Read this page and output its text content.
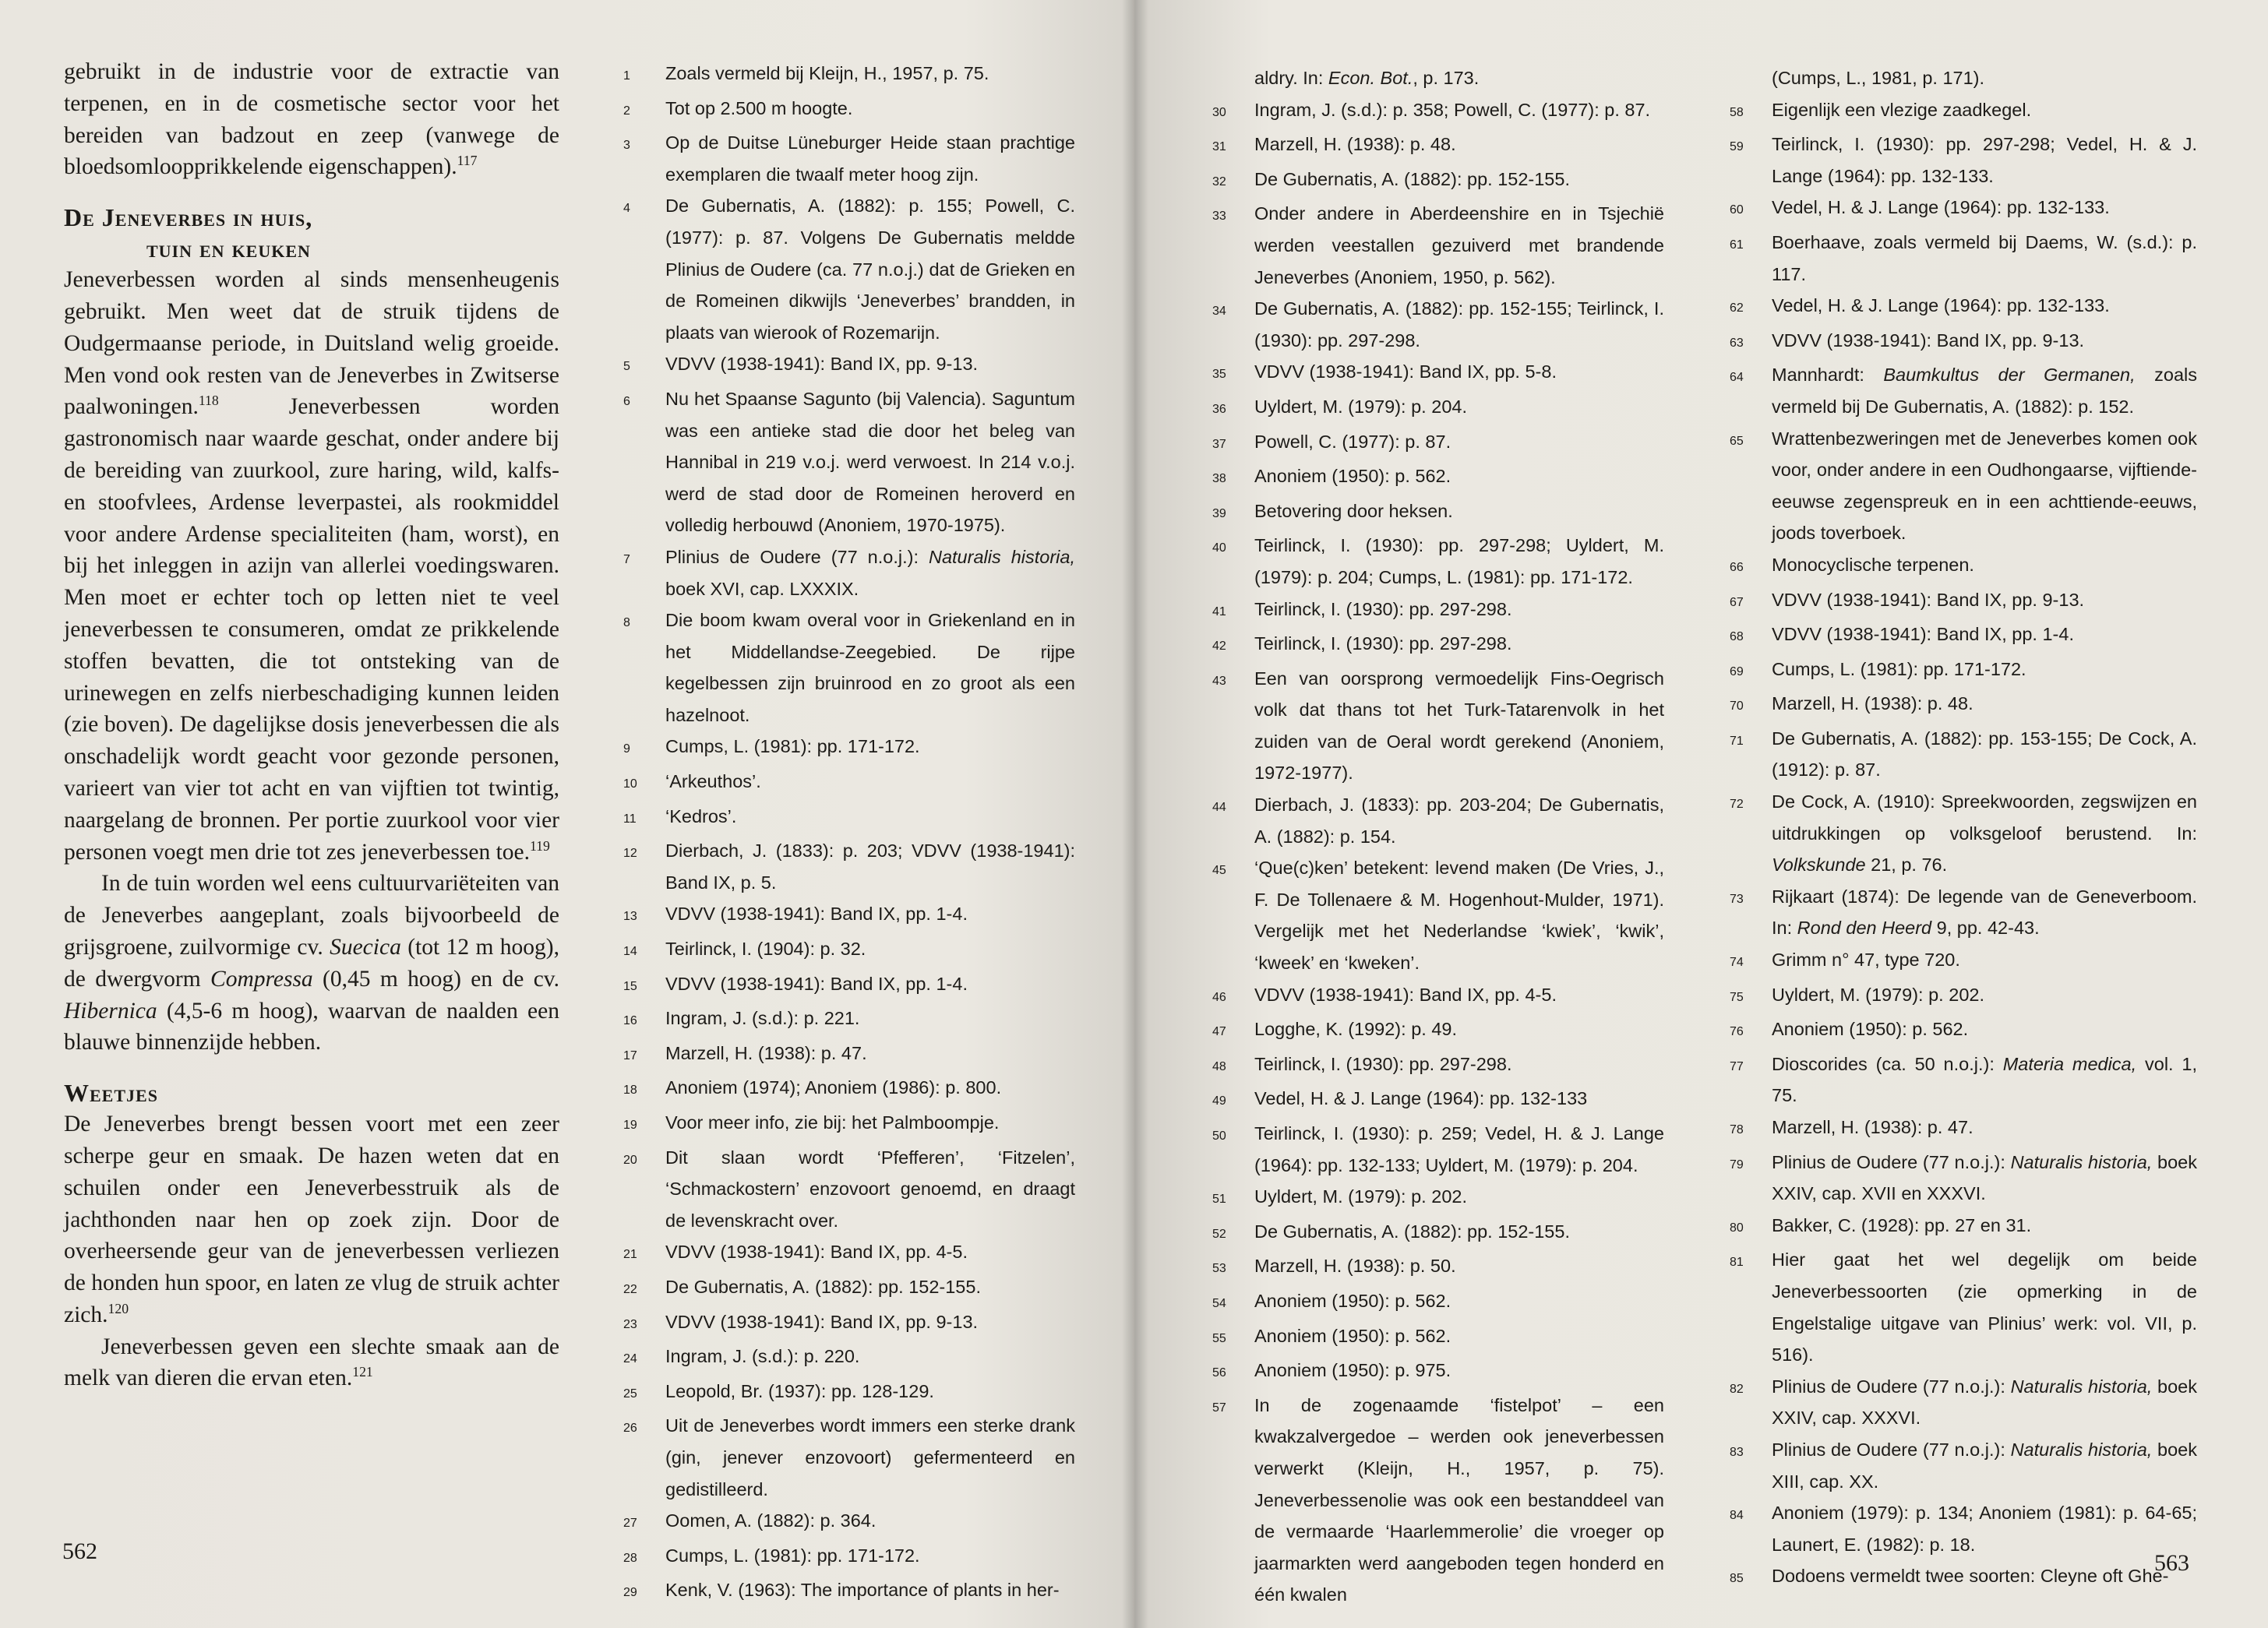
gebruikt in de industrie voor de extractie van terpenen, en in de cosmetische sector voor het bereiden van badzout en zeep (vanwege de bloedsomloopprikkelende eigenschappen).$^{117}$

De Jeneverbes in huis,
tuin en keuken

Jeneverbessen worden al sinds mensenheugenis gebruikt. Men weet dat de struik tijdens de Oudgermaanse periode, in Duitsland welig groeide. Men vond ook resten van de Jeneverbes in Zwitserse paalwoningen.$^{118}$ Jeneverbessen worden gastronomisch naar waarde geschat, onder andere bij de bereiding van zuurkool, zure haring, wild, kalfs- en stoofvlees, Ardense leverpastei, als rookmiddel voor andere Ardense specialiteiten (ham, worst), en bij het inleggen in azijn van allerlei voedingswaren. Men moet er echter toch op letten niet te veel jeneverbessen te consumeren, omdat ze prikkelende stoffen bevatten, die tot ontsteking van de urinewegen en zelfs nierbeschadiging kunnen leiden (zie boven). De dagelijkse dosis jeneverbessen die als onschadelijk wordt geacht voor gezonde personen, varieert van vier tot acht en van vijftien tot twintig, naargelang de bronnen. Per portie zuurkool voor vier personen voegt men drie tot zes jeneverbessen toe.$^{119}$

In de tuin worden wel eens cultuurvariëteiten van de Jeneverbes aangeplant, zoals bijvoorbeeld de grijsgroene, zuilvormige cv. Suecica (tot 12 m hoog), de dwergvorm Compressa (0,45 m hoog) en de cv. Hibernica (4,5-6 m hoog), waarvan de naalden een blauwe binnenzijde hebben.

Weetjes

De Jeneverbes brengt bessen voort met een zeer scherpe geur en smaak. De hazen weten dat en schuilen onder een Jeneverbesstruik als de jachthonden naar hen op zoek zijn. Door de overheersende geur van de jeneverbessen verliezen de honden hun spoor, en laten ze vlug de struik achter zich.$^{120}$

Jeneverbessen geven een slechte smaak aan de melk van dieren die ervan eten.$^{121}$

1	Zoals vermeld bij Kleijn, H., 1957, p. 75.
2	Tot op 2.500 m hoogte.
3	Op de Duitse Lüneburger Heide staan prachtige exemplaren die twaalf meter hoog zijn.
4	De Gubernatis, A. (1882): p. 155; Powell, C. (1977): p. 87. Volgens De Gubernatis meldde Plinius de Oudere (ca. 77 n.o.j.) dat de Grieken en de Romeinen dikwijls ‘Jeneverbes’ brandden, in plaats van wierook of Rozemarijn.
5	VDVV (1938-1941): Band IX, pp. 9-13.
6	Nu het Spaanse Sagunto (bij Valencia). Saguntum was een antieke stad die door het beleg van Hannibal in 219 v.o.j. werd verwoest. In 214 v.o.j. werd de stad door de Romeinen heroverd en volledig herbouwd (Anoniem, 1970-1975).
7	Plinius de Oudere (77 n.o.j.): Naturalis historia, boek XVI, cap. LXXXIX.
8	Die boom kwam overal voor in Griekenland en in het Middellandse-Zeegebied. De rijpe kegelbessen zijn bruinrood en zo groot als een hazelnoot.
9	Cumps, L. (1981): pp. 171-172.
10	‘Arkeuthos’.
11	‘Kedros’.
12	Dierbach, J. (1833): p. 203; VDVV (1938-1941): Band IX, p. 5.
13	VDVV (1938-1941): Band IX, pp. 1-4.
14	Teirlinck, I. (1904): p. 32.
15	VDVV (1938-1941): Band IX, pp. 1-4.
16	Ingram, J. (s.d.): p. 221.
17	Marzell, H. (1938): p. 47.
18	Anoniem (1974); Anoniem (1986): p. 800.
19	Voor meer info, zie bij: het Palmboompje.
20	Dit slaan wordt ‘Pfefferen’, ‘Fitzelen’, ‘Schmackostern’ enzovoort genoemd, en draagt de levenskracht over.
21	VDVV (1938-1941): Band IX, pp. 4-5.
22	De Gubernatis, A. (1882): pp. 152-155.
23	VDVV (1938-1941): Band IX, pp. 9-13.
24	Ingram, J. (s.d.): p. 220.
25	Leopold, Br. (1937): pp. 128-129.
26	Uit de Jeneverbes wordt immers een sterke drank (gin, jenever enzovoort) gefermenteerd en gedistilleerd.
27	Oomen, A. (1882): p. 364.
28	Cumps, L. (1981): pp. 171-172.
29	Kenk, V. (1963): The importance of plants in her-
562
aldry. In: Econ. Bot., p. 173.
30	Ingram, J. (s.d.): p. 358; Powell, C. (1977): p. 87.
31	Marzell, H. (1938): p. 48.
32	De Gubernatis, A. (1882): pp. 152-155.
33	Onder andere in Aberdeenshire en in Tsjechië werden veestallen gezuiverd met brandende Jeneverbes (Anoniem, 1950, p. 562).
34	De Gubernatis, A. (1882): pp. 152-155; Teirlinck, I. (1930): pp. 297-298.
35	VDVV (1938-1941): Band IX, pp. 5-8.
36	Uyldert, M. (1979): p. 204.
37	Powell, C. (1977): p. 87.
38	Anoniem (1950): p. 562.
39	Betovering door heksen.
40	Teirlinck, I. (1930): pp. 297-298; Uyldert, M. (1979): p. 204; Cumps, L. (1981): pp. 171-172.
41	Teirlinck, I. (1930): pp. 297-298.
42	Teirlinck, I. (1930): pp. 297-298.
43	Een van oorsprong vermoedelijk Fins-Oegrisch volk dat thans tot het Turk-Tatarenvolk in het zuiden van de Oeral wordt gerekend (Anoniem, 1972-1977).
44	Dierbach, J. (1833): pp. 203-204; De Gubernatis, A. (1882): p. 154.
45	‘Que(c)ken’ betekent: levend maken (De Vries, J., F. De Tollenaere & M. Hogenhout-Mulder, 1971). Vergelijk met het Nederlandse ‘kwiek’, ‘kwik’, ‘kweek’ en ‘kweken’.
46	VDVV (1938-1941): Band IX, pp. 4-5.
47	Logghe, K. (1992): p. 49.
48	Teirlinck, I. (1930): pp. 297-298.
49	Vedel, H. & J. Lange (1964): pp. 132-133
50	Teirlinck, I. (1930): p. 259; Vedel, H. & J. Lange (1964): pp. 132-133; Uyldert, M. (1979): p. 204.
51	Uyldert, M. (1979): p. 202.
52	De Gubernatis, A. (1882): pp. 152-155.
53	Marzell, H. (1938): p. 50.
54	Anoniem (1950): p. 562.
55	Anoniem (1950): p. 562.
56	Anoniem (1950): p. 975.
57	In de zogenaamde ‘fistelpot’ – een kwakzalvergedoe – werden ook jeneverbessen verwerkt (Kleijn, H., 1957, p. 75). Jeneverbessenolie was ook een bestanddeel van de vermaarde ‘Haarlemmerolie’ die vroeger op jaarmarkten werd aangeboden tegen honderd en één kwalen
(Cumps, L., 1981, p. 171).
58	Eigenlijk een vlezige zaadkegel.
59	Teirlinck, I. (1930): pp. 297-298; Vedel, H. & J. Lange (1964): pp. 132-133.
60	Vedel, H. & J. Lange (1964): pp. 132-133.
61	Boerhaave, zoals vermeld bij Daems, W. (s.d.): p. 117.
62	Vedel, H. & J. Lange (1964): pp. 132-133.
63	VDVV (1938-1941): Band IX, pp. 9-13.
64	Mannhardt: Baumkultus der Germanen, zoals vermeld bij De Gubernatis, A. (1882): p. 152.
65	Wrattenbezweringen met de Jeneverbes komen ook voor, onder andere in een Oudhongaarse, vijftiende-eeuwse zegenspreuk en in een achttiende-eeuws, joods toverboek.
66	Monocyclische terpenen.
67	VDVV (1938-1941): Band IX, pp. 9-13.
68	VDVV (1938-1941): Band IX, pp. 1-4.
69	Cumps, L. (1981): pp. 171-172.
70	Marzell, H. (1938): p. 48.
71	De Gubernatis, A. (1882): pp. 153-155; De Cock, A. (1912): p. 87.
72	De Cock, A. (1910): Spreekwoorden, zegswijzen en uitdrukkingen op volksgeloof berustend. In: Volkskunde 21, p. 76.
73	Rijkaart (1874): De legende van de Geneverboom. In: Rond den Heerd 9, pp. 42-43.
74	Grimm n° 47, type 720.
75	Uyldert, M. (1979): p. 202.
76	Anoniem (1950): p. 562.
77	Dioscorides (ca. 50 n.o.j.): Materia medica, vol. 1, 75.
78	Marzell, H. (1938): p. 47.
79	Plinius de Oudere (77 n.o.j.): Naturalis historia, boek XXIV, cap. XVII en XXXVI.
80	Bakker, C. (1928): pp. 27 en 31.
81	Hier gaat het wel degelijk om beide Jeneverbessoorten (zie opmerking in de Engelstalige uitgave van Plinius’ werk: vol. VII, p. 516).
82	Plinius de Oudere (77 n.o.j.): Naturalis historia, boek XXIV, cap. XXXVI.
83	Plinius de Oudere (77 n.o.j.): Naturalis historia, boek XIII, cap. XX.
84	Anoniem (1979): p. 134; Anoniem (1981): p. 64-65; Launert, E. (1982): p. 18.
85	Dodoens vermeldt twee soorten: Cleyne oft Ghe-
563
